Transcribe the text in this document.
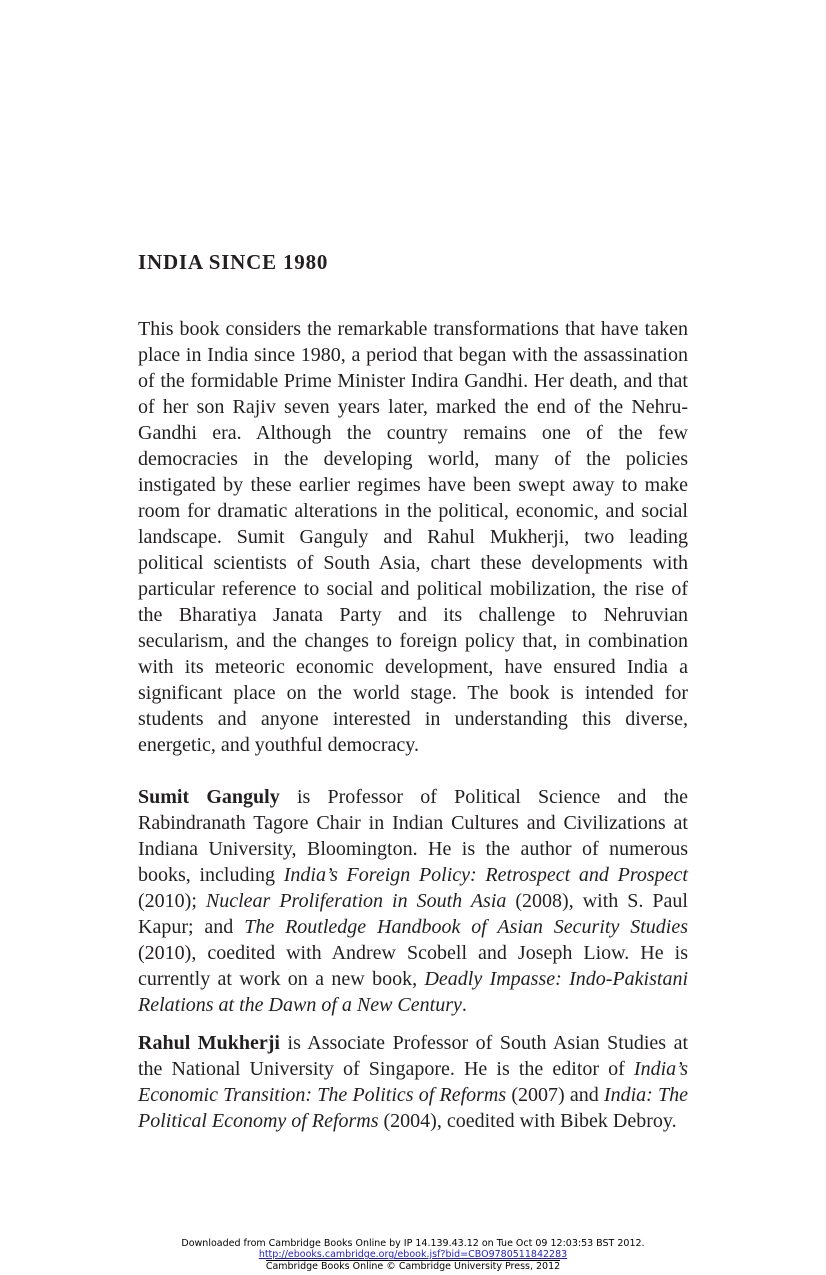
INDIA SINCE 1980

This book considers the remarkable transformations that have taken place in India since 1980, a period that began with the assassination of the formidable Prime Minister Indira Gandhi. Her death, and that of her son Rajiv seven years later, marked the end of the Nehru-Gandhi era. Although the country remains one of the few democracies in the developing world, many of the policies instigated by these earlier regimes have been swept away to make room for dramatic alterations in the political, economic, and social landscape. Sumit Ganguly and Rahul Mukherji, two leading political scientists of South Asia, chart these developments with particular reference to social and political mobilization, the rise of the Bharatiya Janata Party and its challenge to Nehruvian secularism, and the changes to foreign policy that, in combination with its meteoric economic development, have ensured India a significant place on the world stage. The book is intended for students and anyone interested in understanding this diverse, energetic, and youthful democracy.

Sumit Ganguly is Professor of Political Science and the Rabindranath Tagore Chair in Indian Cultures and Civilizations at Indiana University, Bloomington. He is the author of numerous books, including India’s Foreign Policy: Retrospect and Prospect (2010); Nuclear Proliferation in South Asia (2008), with S. Paul Kapur; and The Routledge Handbook of Asian Security Studies (2010), coedited with Andrew Scobell and Joseph Liow. He is currently at work on a new book, Deadly Impasse: Indo-Pakistani Relations at the Dawn of a New Century.

Rahul Mukherji is Associate Professor of South Asian Studies at the National University of Singapore. He is the editor of India’s Economic Transition: The Politics of Reforms (2007) and India: The Political Economy of Reforms (2004), coedited with Bibek Debroy.

Downloaded from Cambridge Books Online by IP 14.139.43.12 on Tue Oct 09 12:03:53 BST 2012.
http://ebooks.cambridge.org/ebook.jsf?bid=CBO9780511842283
Cambridge Books Online © Cambridge University Press, 2012
